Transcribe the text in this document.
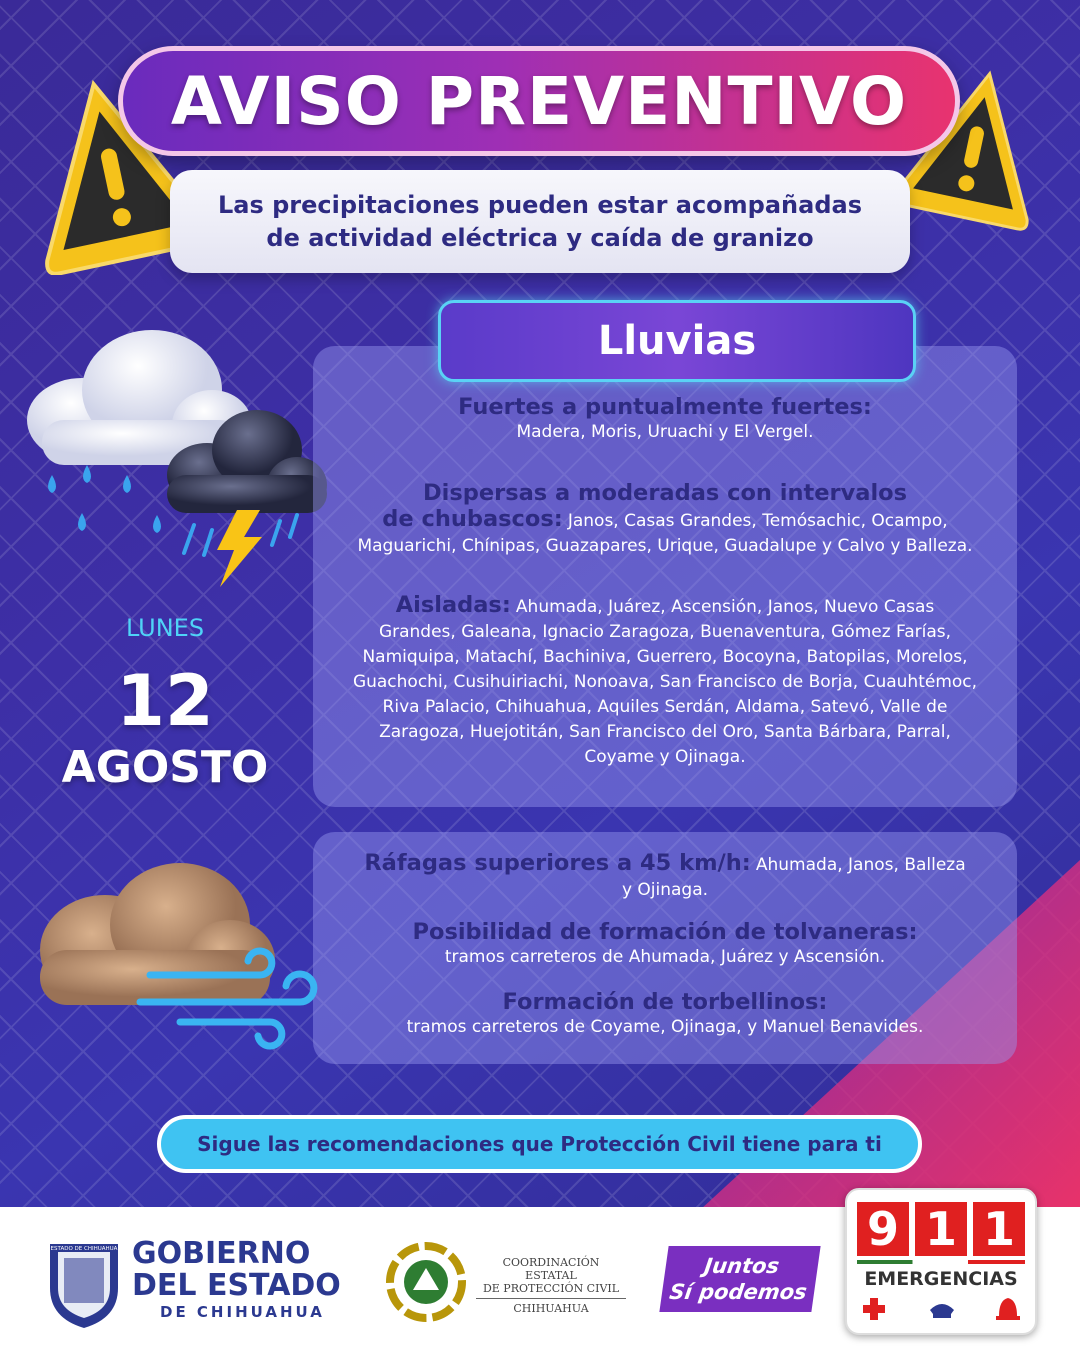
AVISO PREVENTIVO
Las precipitaciones pueden estar acompañadas de actividad eléctrica y caída de granizo
LUNES
12
AGOSTO
Fuertes a puntualmente fuertes:
Madera, Moris, Uruachi y El Vergel.
Dispersas a moderadas con intervalos
de chubascos: Janos, Casas Grandes, Temósachic, Ocampo,
Maguarichi, Chínipas, Guazapares, Urique, Guadalupe y Calvo y Balleza.
Aisladas: Ahumada, Juárez, Ascensión, Janos, Nuevo Casas
Grandes, Galeana, Ignacio Zaragoza, Buenaventura, Gómez Farías, Namiquipa, Matachí, Bachiniva, Guerrero, Bocoyna, Batopilas, Morelos, Guachochi, Cusihuiriachi, Nonoava, San Francisco de Borja, Cuauhtémoc, Riva Palacio, Chihuahua, Aquiles Serdán, Aldama, Satevó, Valle de Zaragoza, Huejotitán, San Francisco del Oro, Santa Bárbara, Parral, Coyame y Ojinaga.
Lluvias
Ráfagas superiores a 45 km/h: Ahumada, Janos, Balleza
y Ojinaga.
Posibilidad de formación de tolvaneras:
tramos carreteros de Ahumada, Juárez y Ascensión.
Formación de torbellinos:
tramos carreteros de Coyame, Ojinaga, y Manuel Benavides.
Sigue las recomendaciones que Protección Civil tiene para ti
ESTADO DE CHIHUAHUA GOBIERNO
DEL ESTADO
DE CHIHUAHUA
COORDINACIÓN ESTATAL
DE PROTECCIÓN CIVIL
CHIHUAHUA
Juntos
Sí podemos
9 1 1
EMERGENCIAS
